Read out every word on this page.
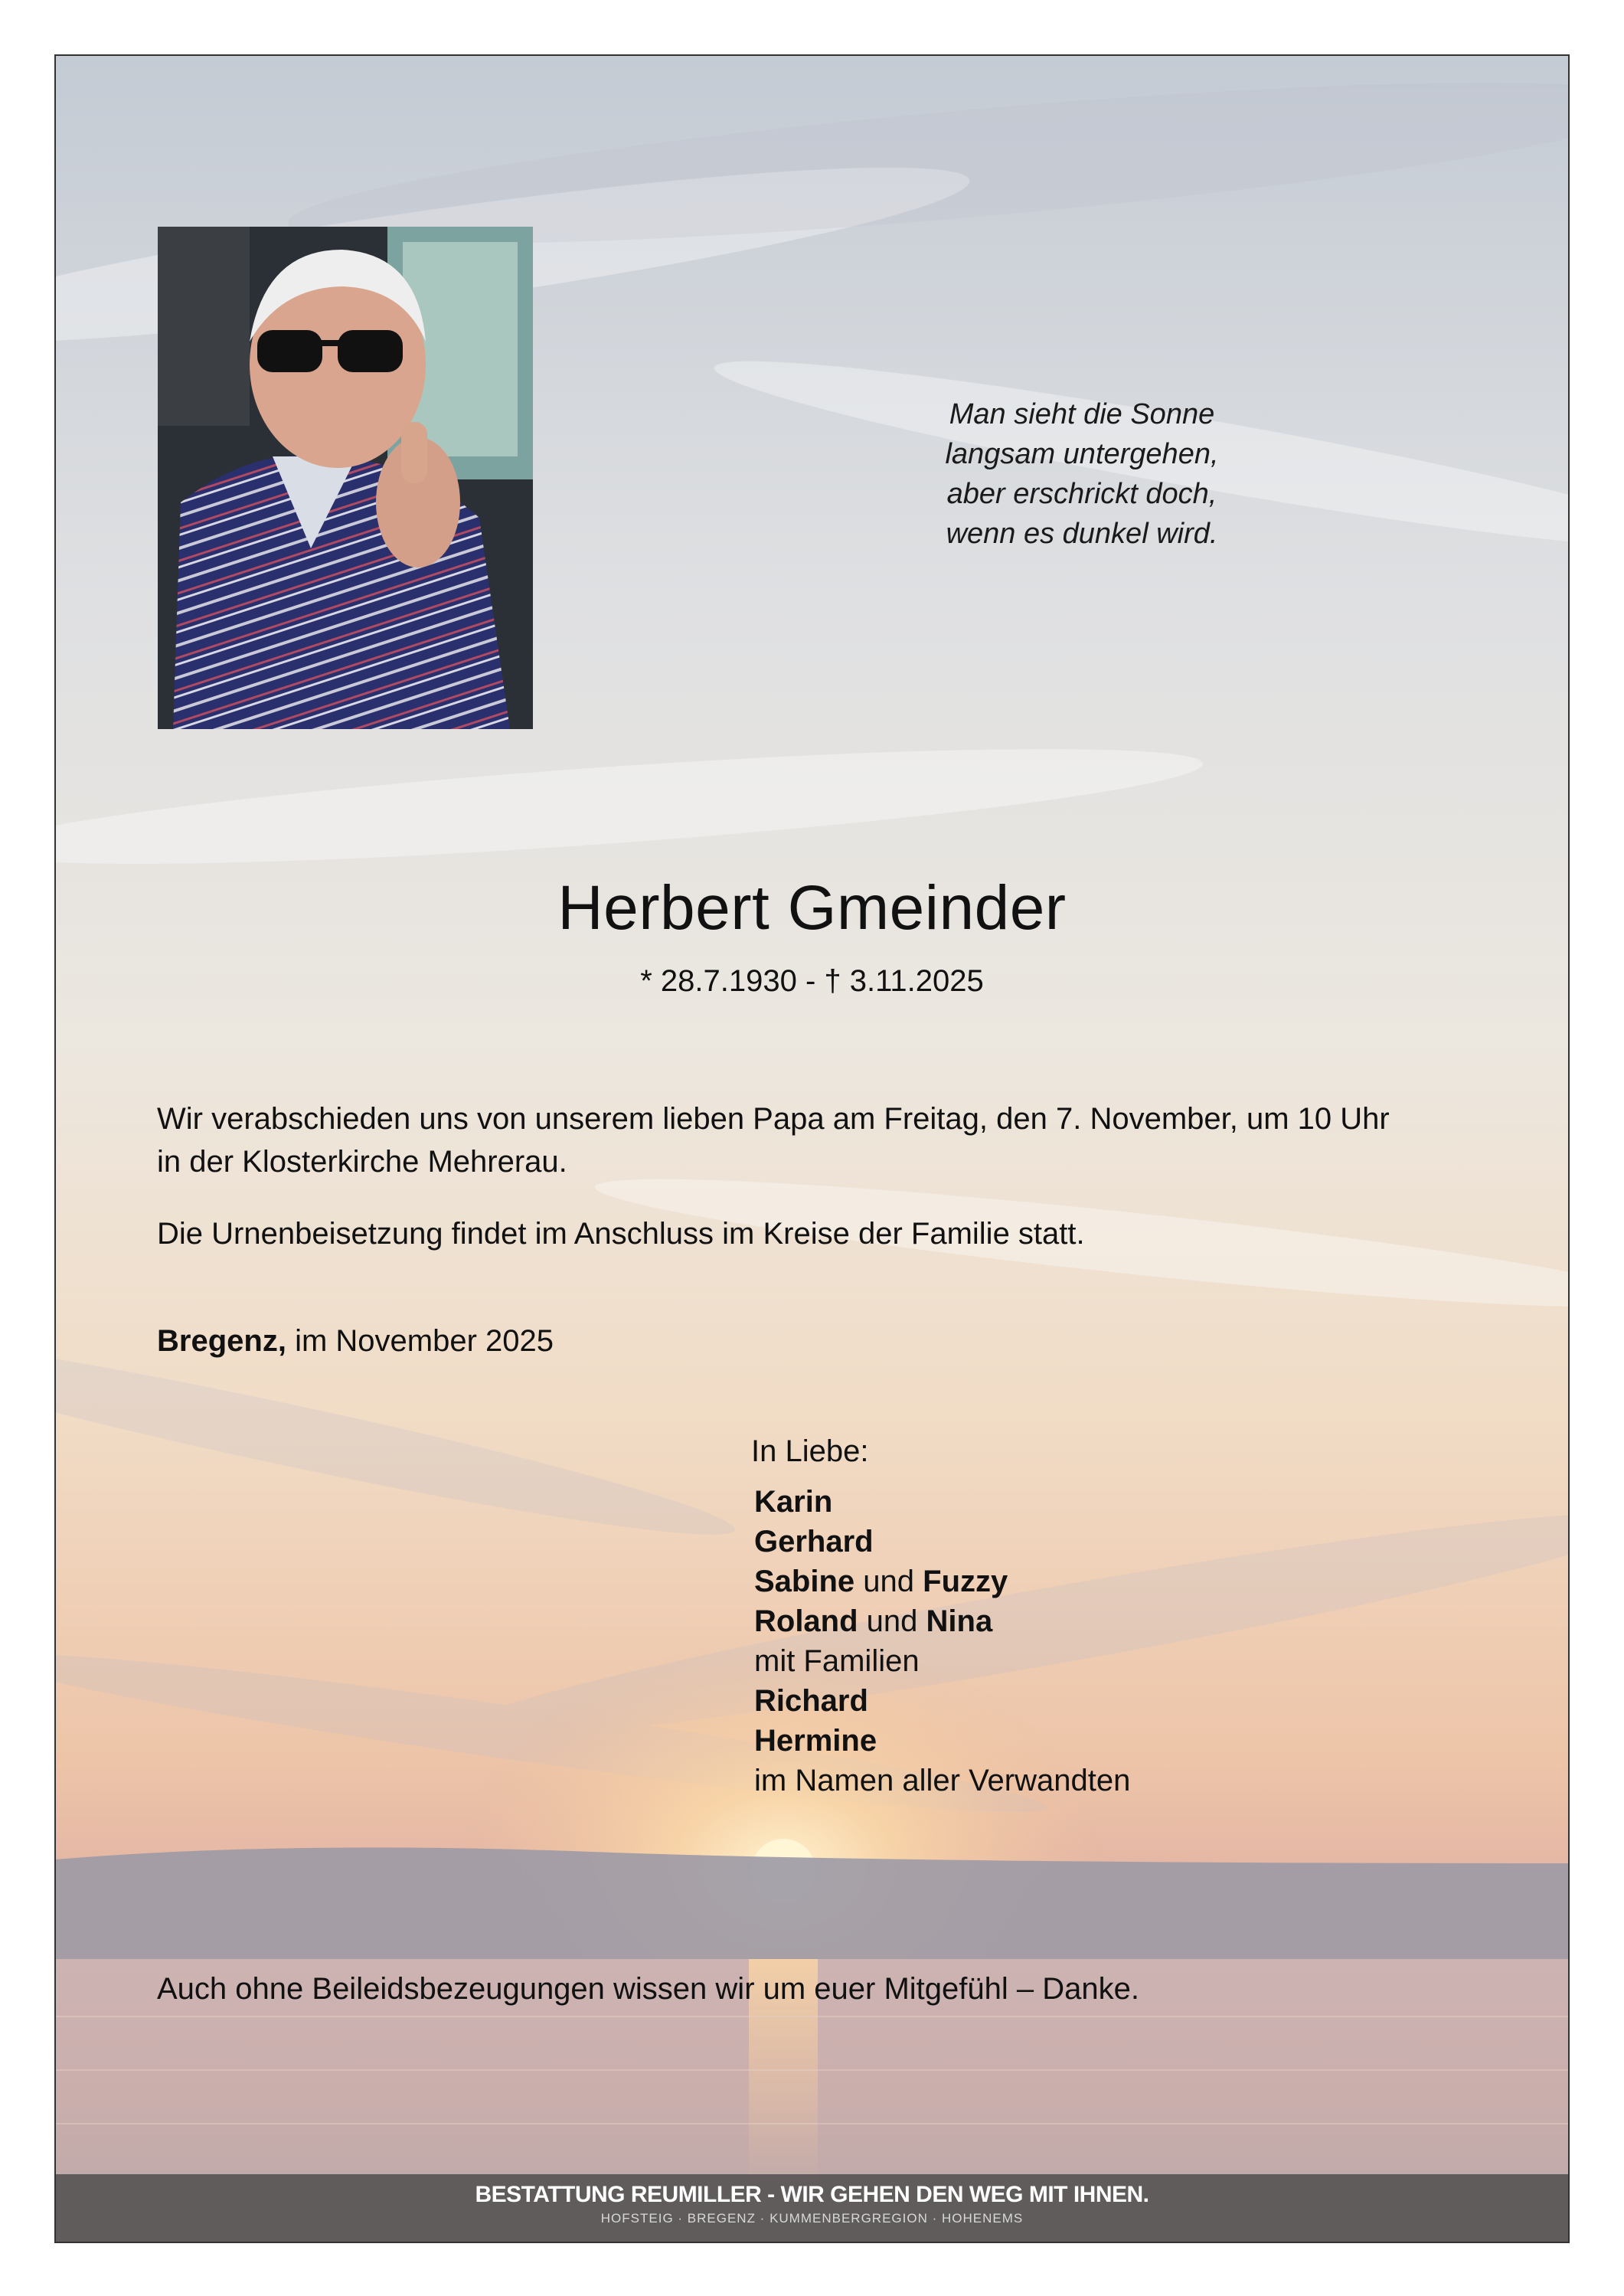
Man sieht die Sonne
langsam untergehen,
aber erschrickt doch,
wenn es dunkel wird.

Herbert Gmeinder

* 28.7.1930 - † 3.11.2025

Wir verabschieden uns von unserem lieben Papa am Freitag, den 7. November, um 10 Uhr
in der Klosterkirche Mehrerau.

Die Urnenbeisetzung findet im Anschluss im Kreise der Familie statt.

Bregenz, im November 2025

In Liebe:

Karin
Gerhard
Sabine und Fuzzy
Roland und Nina
mit Familien
Richard
Hermine
im Namen aller Verwandten

Auch ohne Beileidsbezeugungen wissen wir um euer Mitgefühl – Danke.

BESTATTUNG REUMILLER - WIR GEHEN DEN WEG MIT IHNEN.
HOFSTEIG · BREGENZ · KUMMENBERGREGION · HOHENEMS
